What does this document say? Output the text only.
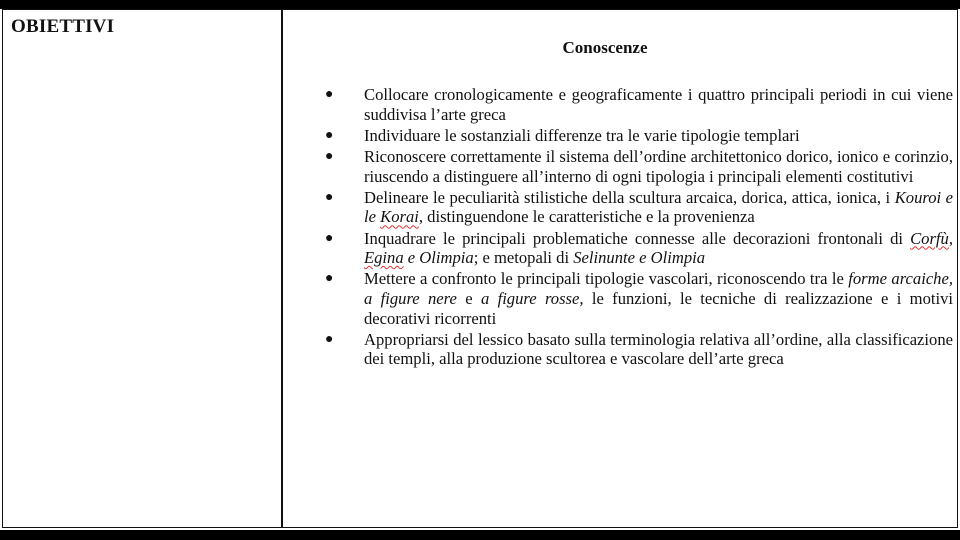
OBIETTIVI
Conoscenze
● Collocare cronologicamente e geograficamente i quattro principali periodi in cui viene suddivisa l’arte greca
● Individuare le sostanziali differenze tra le varie tipologie templari
● Riconoscere correttamente il sistema dell’ordine architettonico dorico, ionico e corinzio, riuscendo a distinguere all’interno di ogni tipologia i principali elementi costitutivi
● Delineare le peculiarità stilistiche della scultura arcaica, dorica, attica, ionica, i Kouroi e le Korai, distinguendone le caratteristiche e la provenienza
● Inquadrare le principali problematiche connesse alle decorazioni frontonali di Corfù, Egina e Olimpia; e metopali di Selinunte e Olimpia
● Mettere a confronto le principali tipologie vascolari, riconoscendo tra le forme arcaiche, a figure nere e a figure rosse, le funzioni, le tecniche di realizzazione e i motivi decorativi ricorrenti
● Appropriarsi del lessico basato sulla terminologia relativa all’ordine, alla classificazione dei templi, alla produzione scultorea e vascolare dell’arte greca
